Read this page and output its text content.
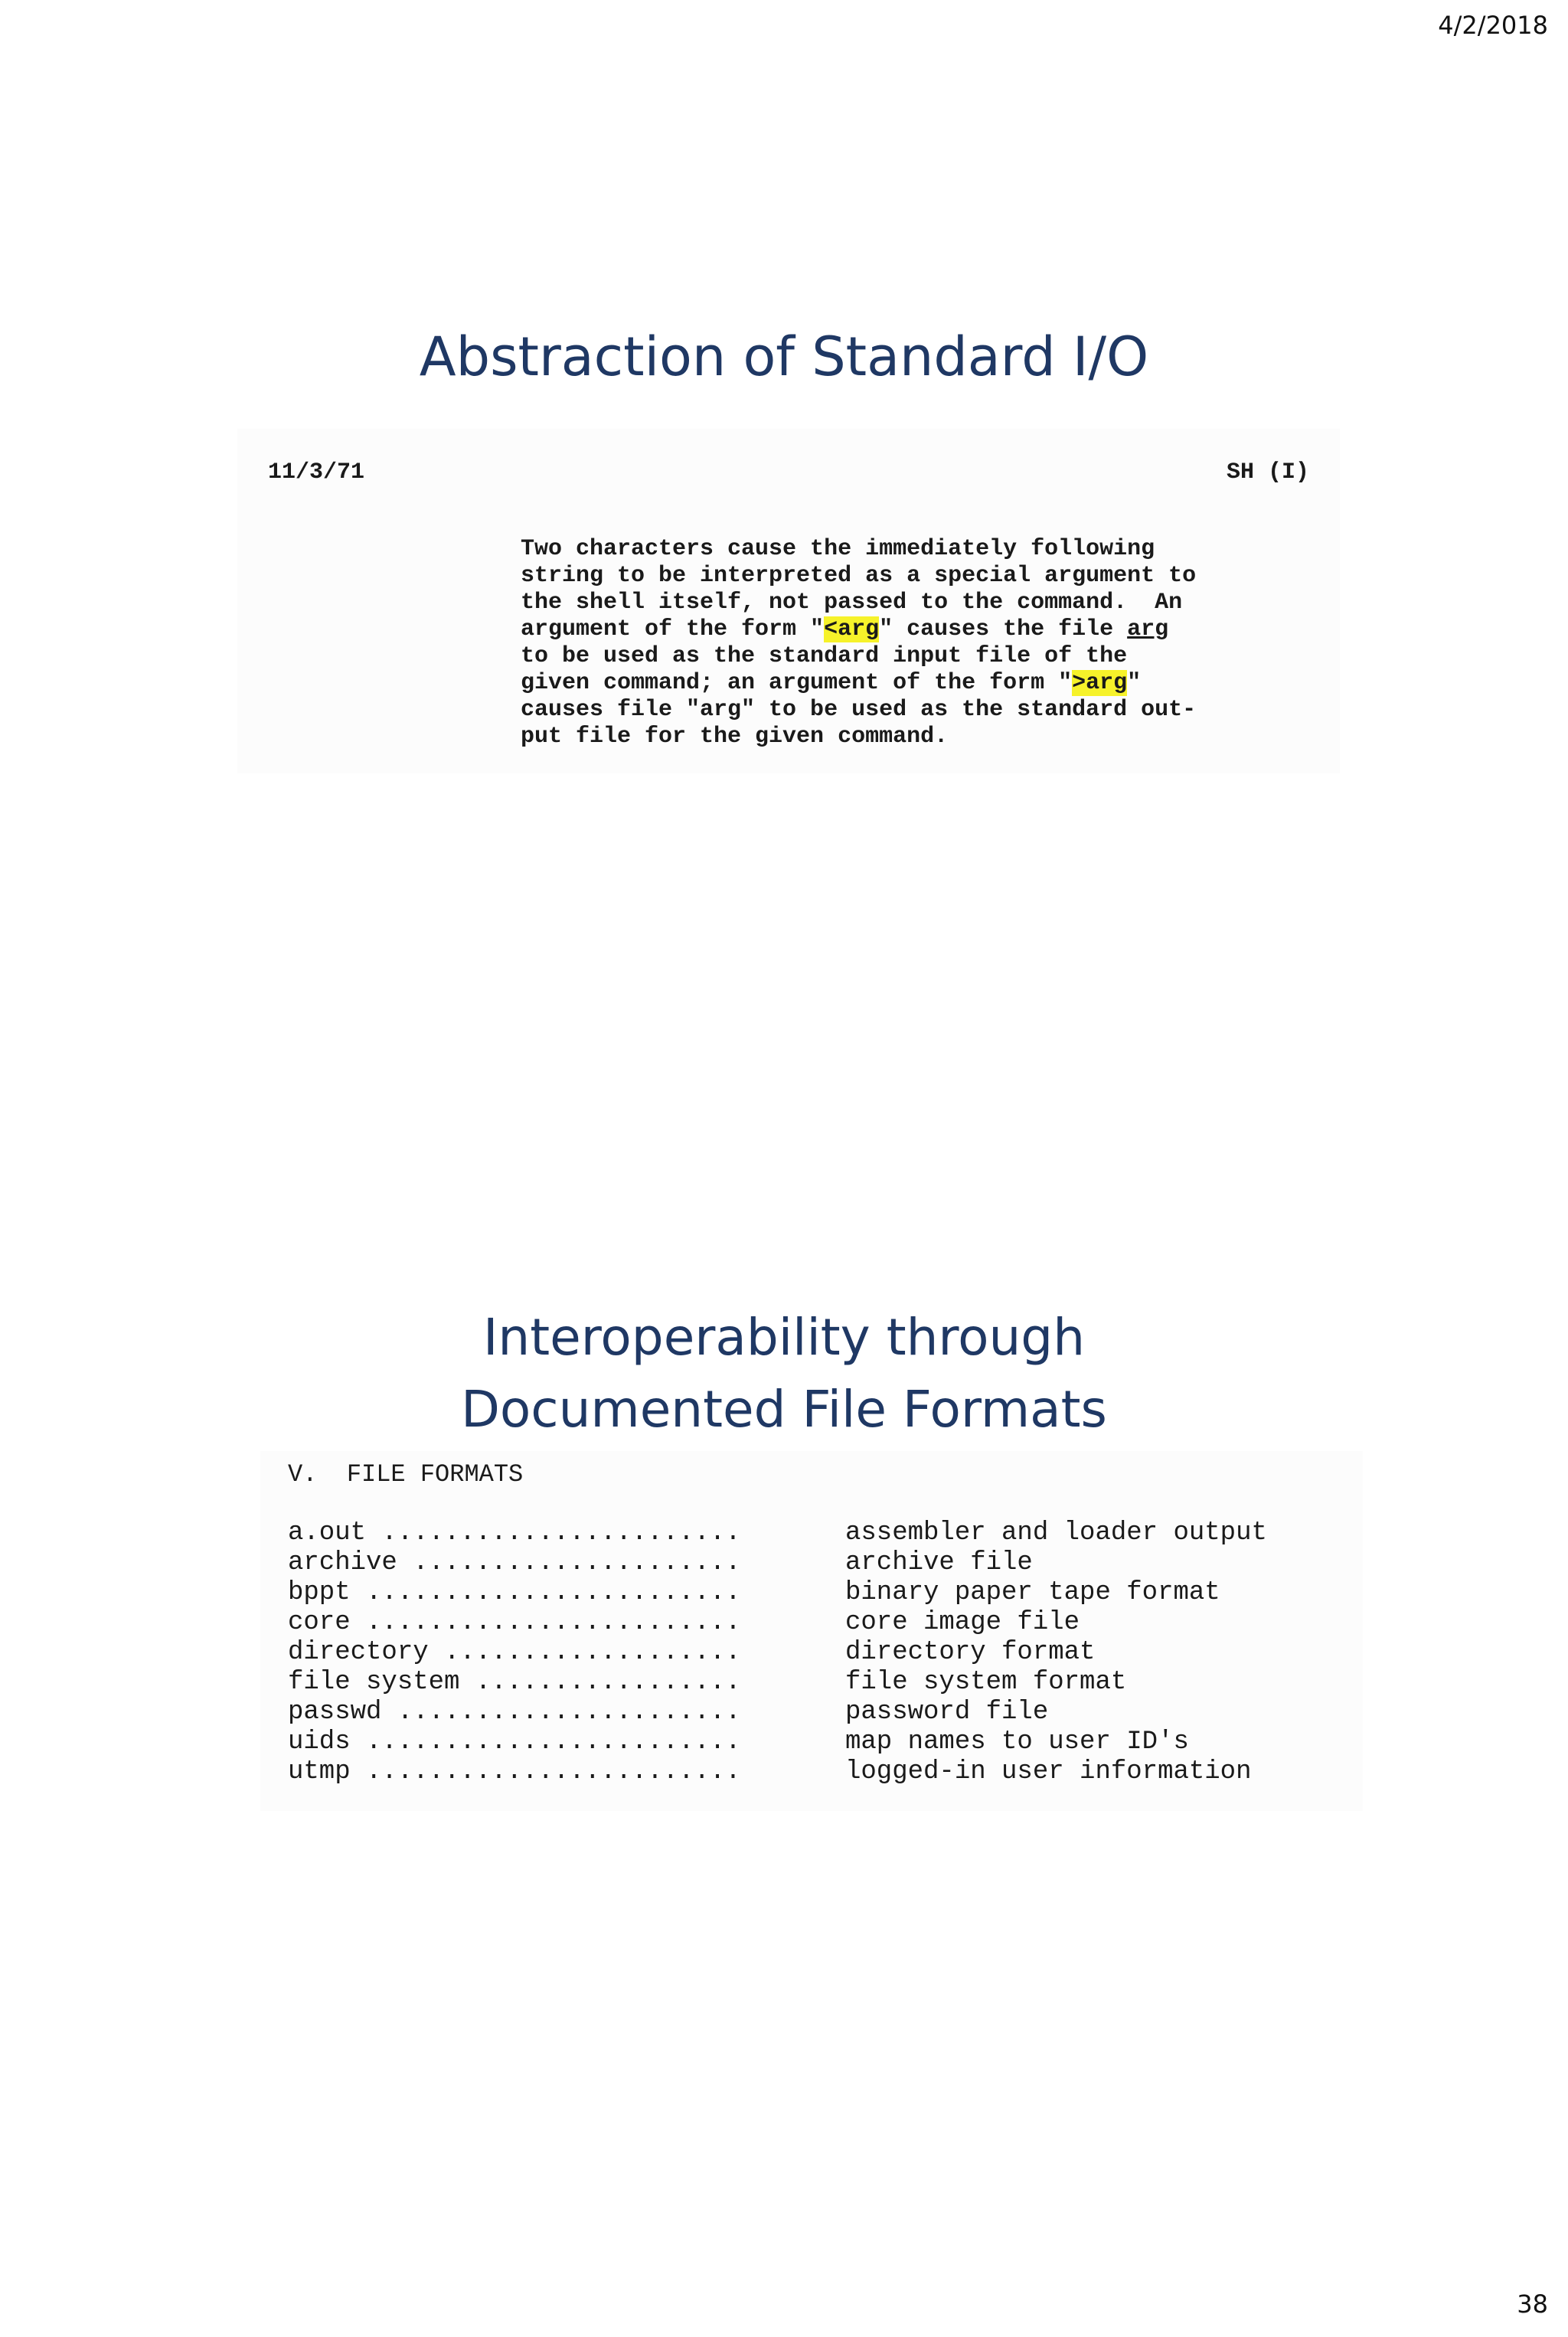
4/2/2018
Abstraction of Standard I/O
11/3/71	SH (I)
Two characters cause the immediately following
string to be interpreted as a special argument to
the shell itself, not passed to the command.  An
argument of the form "<arg" causes the file arg
to be used as the standard input file of the
given command; an argument of the form ">arg"
causes file "arg" to be used as the standard out-
put file for the given command.
Interoperability through
Documented File Formats
V.  FILE FORMATS
a.out .......................	assembler and loader output
archive .....................	archive file
bppt ........................	binary paper tape format
core ........................	core image file
directory ...................	directory format
file system .................	file system format
passwd ......................	password file
uids ........................	map names to user ID's
utmp ........................	logged-in user information
38
